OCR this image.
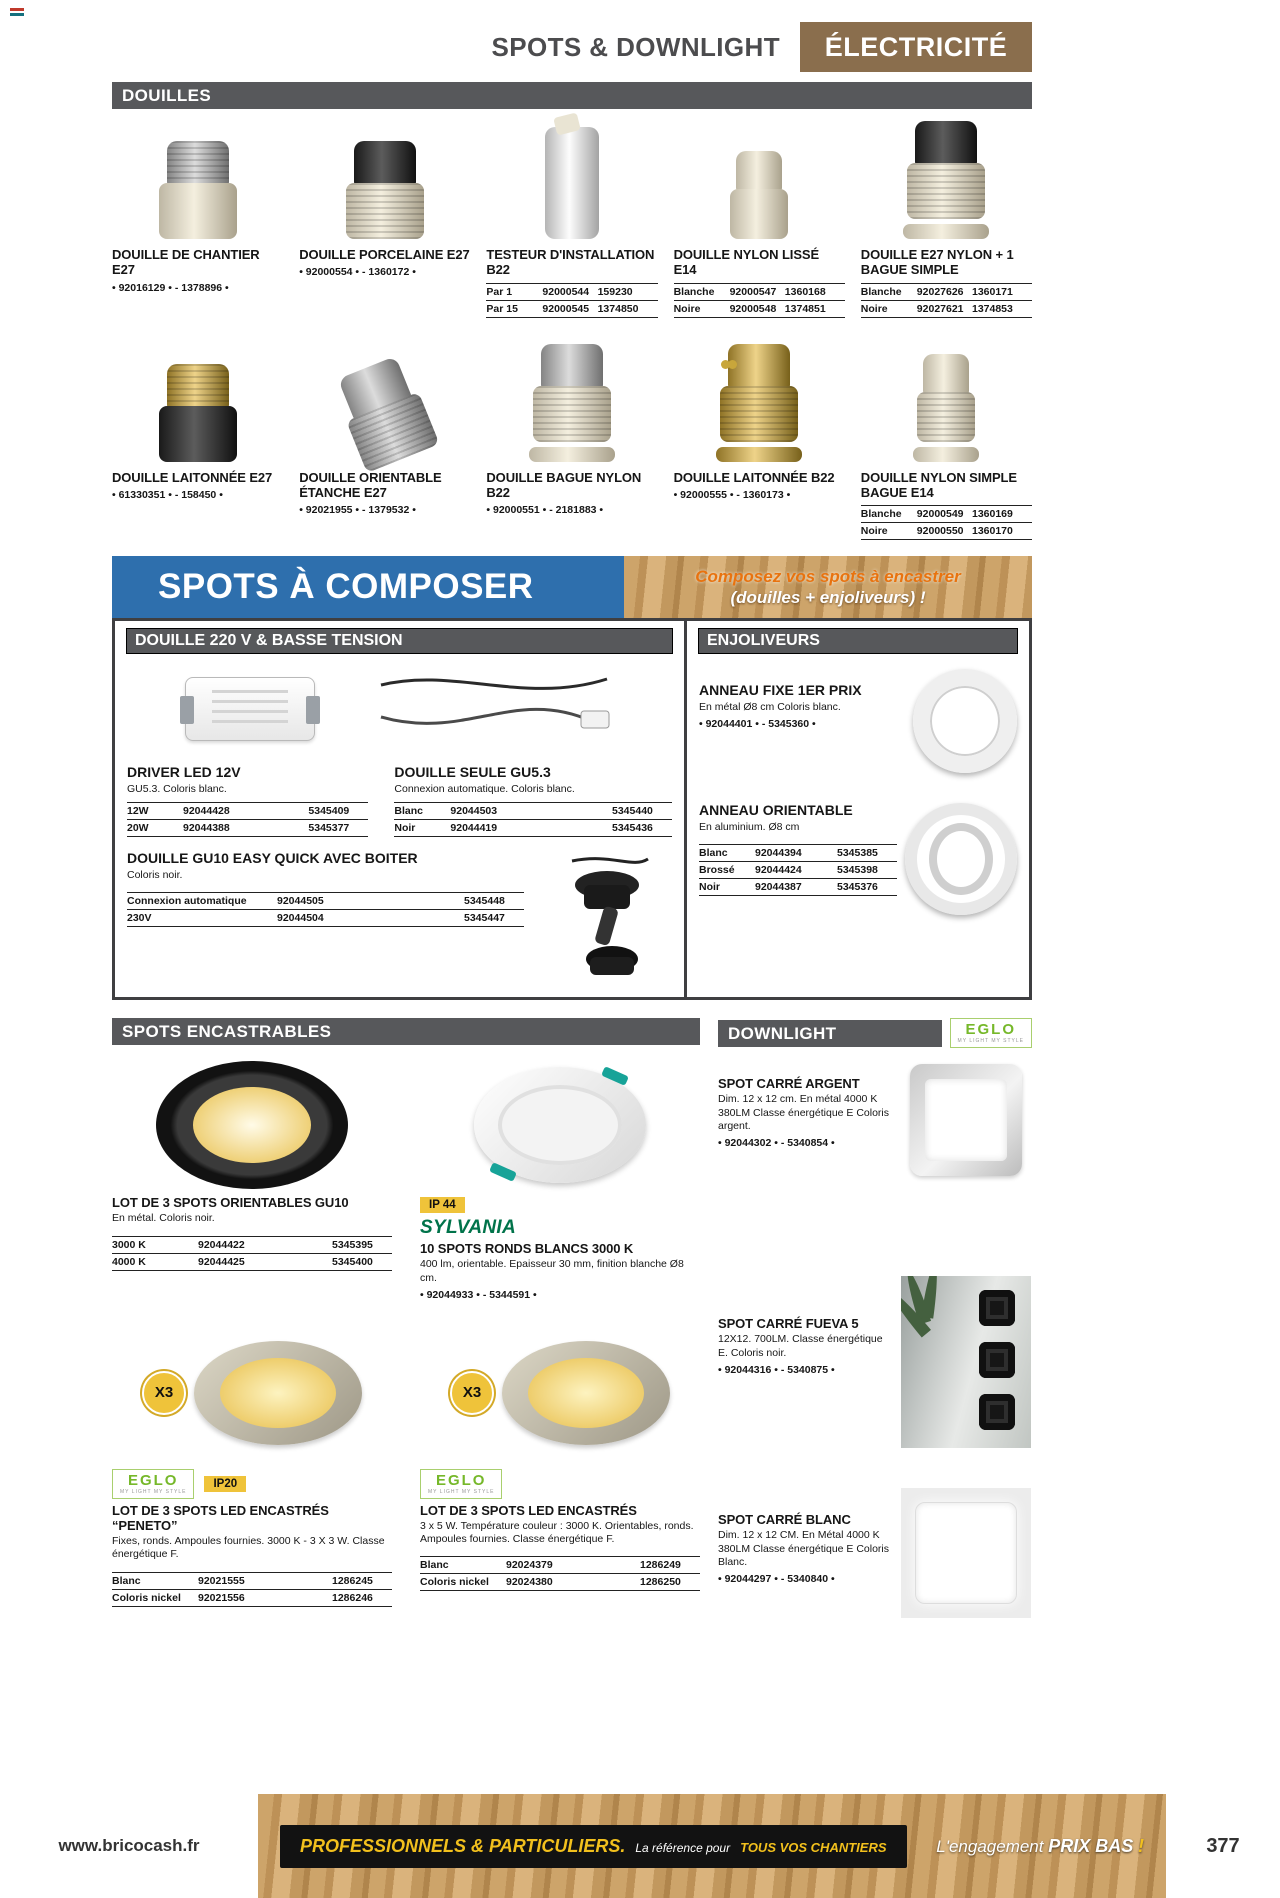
SPOTS & DOWNLIGHT	ÉLECTRICITÉ
DOUILLES
DOUILLE DE CHANTIER E27
• 92016129 • - 1378896 •
DOUILLE PORCELAINE E27
• 92000554 • - 1360172 •
TESTEUR D'INSTALLATION B22
Par 1	92000544 159230
Par 15	92000545 1374850
DOUILLE NYLON LISSÉ E14
Blanche	92000547 1360168
Noire	92000548 1374851
DOUILLE E27 NYLON + 1 BAGUE SIMPLE
Blanche	92027626 1360171
Noire	92027621 1374853
DOUILLE LAITONNÉE E27
• 61330351 • - 158450 •
DOUILLE ORIENTABLE ÉTANCHE E27
• 92021955 • - 1379532 •
DOUILLE BAGUE NYLON B22
• 92000551 • - 2181883 •
DOUILLE LAITONNÉE B22
• 92000555 • - 1360173 •
DOUILLE NYLON SIMPLE BAGUE E14
Blanche	92000549 1360169
Noire	92000550 1360170
SPOTS À COMPOSER	Composez vos spots à encastrer
(douilles + enjoliveurs) !
DOUILLE 220 V & BASSE TENSION
DRIVER LED 12V
GU5.3. Coloris blanc.
12W	92044428	5345409
20W	92044388	5345377
DOUILLE SEULE GU5.3
Connexion automatique. Coloris blanc.
Blanc	92044503	5345440
Noir	92044419	5345436
DOUILLE GU10 EASY QUICK AVEC BOITER
Coloris noir.
Connexion automatique	92044505	5345448
230V	92044504	5345447
ENJOLIVEURS
ANNEAU FIXE 1ER PRIX
En métal Ø8 cm Coloris blanc.
• 92044401 • - 5345360 •
ANNEAU ORIENTABLE
En aluminium. Ø8 cm
Blanc	92044394	5345385
Brossé	92044424	5345398
Noir	92044387	5345376
SPOTS ENCASTRABLES
LOT DE 3 SPOTS ORIENTABLES GU10
En métal. Coloris noir.
3000 K	92044422	5345395
4000 K	92044425	5345400
IP 44
SYLVANIA
10 SPOTS RONDS BLANCS 3000 K
400 lm, orientable. Epaisseur 30 mm, finition blanche Ø8 cm.
• 92044933 • - 5344591 •
X3
EGLO
MY LIGHT MY STYLE
IP20
LOT DE 3 SPOTS LED ENCASTRÉS “PENETO”
Fixes, ronds. Ampoules fournies. 3000 K - 3 X 3 W. Classe énergétique F.
Blanc	92021555	1286245
Coloris nickel	92021556	1286246
X3
EGLO
MY LIGHT MY STYLE
LOT DE 3 SPOTS LED ENCASTRÉS
3 x 5 W. Température couleur : 3000 K. Orientables, ronds. Ampoules fournies. Classe énergétique F.
Blanc	92024379	1286249
Coloris nickel	92024380	1286250
DOWNLIGHT	EGLO
MY LIGHT MY STYLE
SPOT CARRÉ ARGENT
Dim. 12 x 12 cm. En métal 4000 K 380LM Classe énergétique E Coloris argent.
• 92044302 • - 5340854 •
SPOT CARRÉ FUEVA 5
12X12. 700LM. Classe énergétique E. Coloris noir.
• 92044316 • - 5340875 •
SPOT CARRÉ BLANC
Dim. 12 x 12 CM. En Métal 4000 K 380LM Classe énergétique E Coloris Blanc.
• 92044297 • - 5340840 •
www.bricocash.fr	PROFESSIONNELS & PARTICULIERS. La référence pour TOUS VOS CHANTIERS	L'engagement PRIX BAS !	377
